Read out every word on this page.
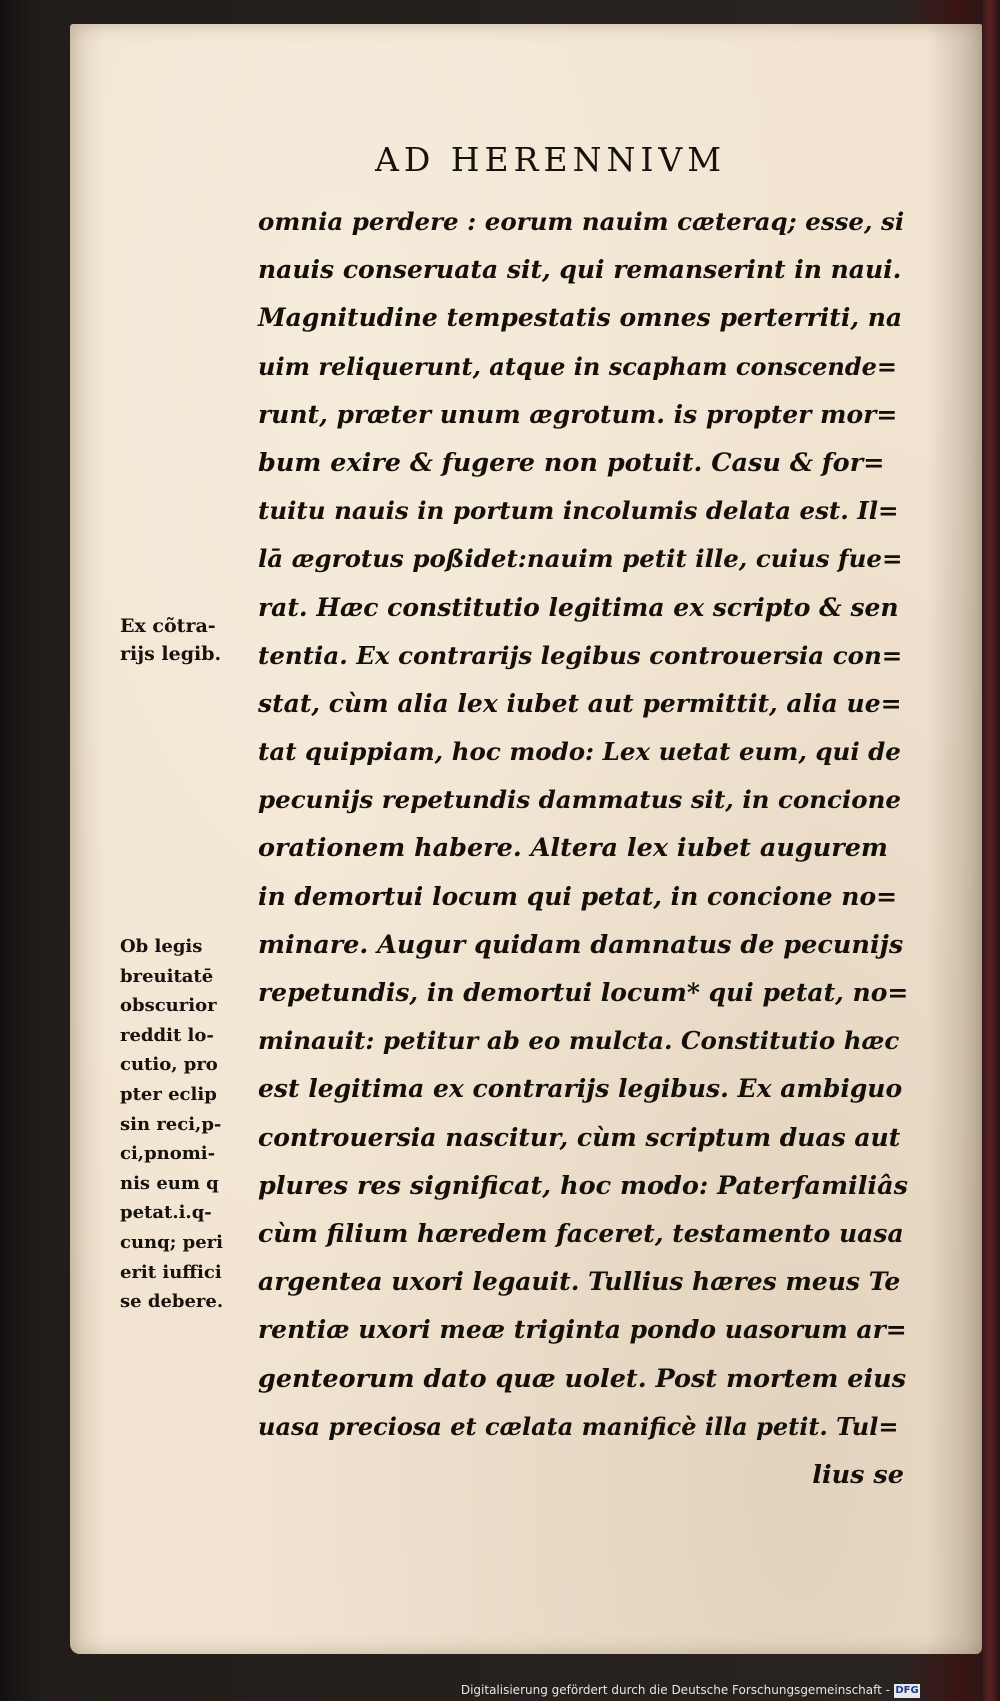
AD HERENNIVM
omnia perdere : eorum nauim cæteraq; esse, si
nauis conseruata sit, qui remanserint in naui.
Magnitudine tempestatis omnes perterriti, na
uim reliquerunt, atque in scapham conscende=
runt, præter unum ægrotum. is propter mor=
bum exire & fugere non potuit. Casu & for=
tuitu nauis in portum incolumis delata est. Il=
lā ægrotus poßidet:nauim petit ille, cuius fue=
rat. Hæc constitutio legitima ex scripto & sen
tentia. Ex contrarijs legibus controuersia con=
stat, cùm alia lex iubet aut permittit, alia ue=
tat quippiam, hoc modo: Lex uetat eum, qui de
pecunijs repetundis dammatus sit, in concione
orationem habere. Altera lex iubet augurem
in demortui locum qui petat, in concione no=
minare. Augur quidam damnatus de pecunijs
repetundis, in demortui locum* qui petat, no=
minauit: petitur ab eo mulcta. Constitutio hæc
est legitima ex contrarijs legibus. Ex ambiguo
controuersia nascitur, cùm scriptum duas aut
plures res significat, hoc modo: Paterfamiliâs
cùm filium hæredem faceret, testamento uasa
argentea uxori legauit. Tullius hæres meus Te
rentiæ uxori meæ triginta pondo uasorum ar=
genteorum dato quæ uolet. Post mortem eius
uasa preciosa et cælata manificè illa petit. Tul=
lius se
Ex cõtra-
rijs legib.
Ob legis
breuitatē
obscurior
reddit lo-
cutio, pro
pter eclip
sin reci,p-
ci,pnomi-
nis eum q
petat.i.q-
cunq; peri
erit iuffici
se debere.
Digitalisierung gefördert durch die Deutsche Forschungsgemeinschaft - DFG
